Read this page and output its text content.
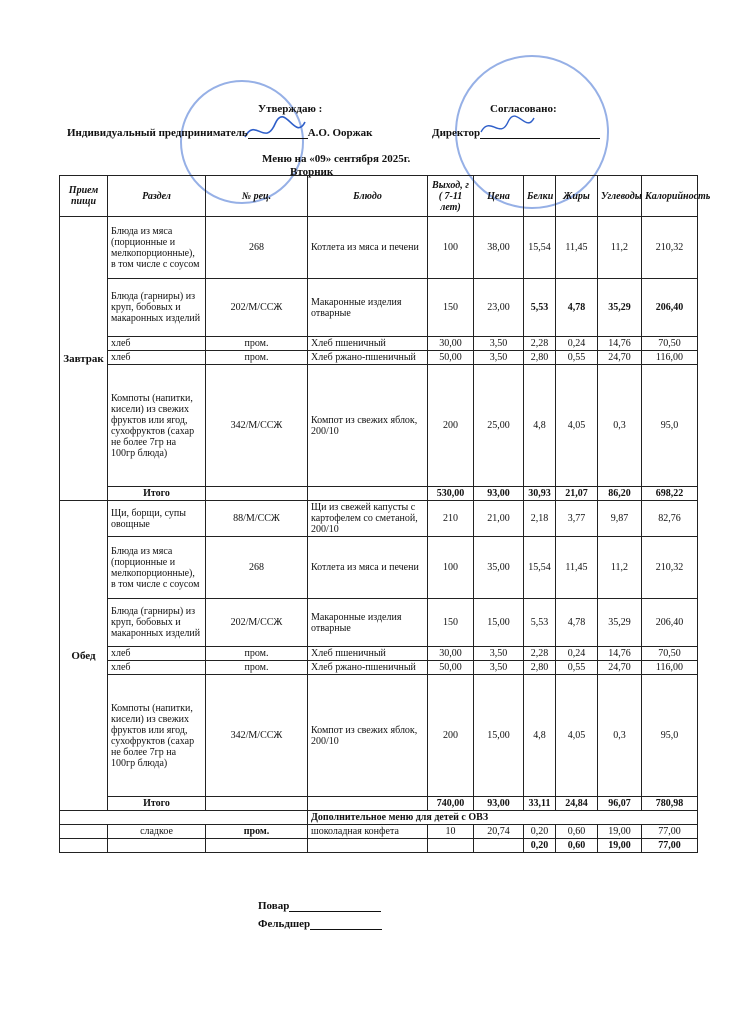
Утверждаю :
Индивидуальный предприниматель	А.О. Ооржак
Согласовано:
Директор
Меню на «09» сентября 2025г.
Вторник
Прием пищи	Раздел	№ рец.	Блюдо	Выход, г ( 7-11 лет)	Цена	Белки	Жиры	Углеводы	Калорийность
Завтрак	Блюда из мяса (порционные и мелкопорционные), в том числе с соусом	268	Котлета из мяса и печени	100	38,00	15,54	11,45	11,2	210,32
	Блюда (гарниры) из круп, бобовых и макаронных изделий	202/М/ССЖ	Макаронные изделия отварные	150	23,00	5,53	4,78	35,29	206,40
	хлеб	пром.	Хлеб пшеничный	30,00	3,50	2,28	0,24	14,76	70,50
	хлеб	пром.	Хлеб ржано-пшеничный	50,00	3,50	2,80	0,55	24,70	116,00
	Компоты (напитки, кисели) из свежих фруктов или ягод, сухофруктов (сахар не более 7гр на 100гр блюда)	342/М/ССЖ	Компот из свежих яблок, 200/10	200	25,00	4,8	4,05	0,3	95,0
	Итого			530,00	93,00	30,93	21,07	86,20	698,22
Обед	Щи, борщи, супы овощные	88/М/ССЖ	Щи из свежей капусты с картофелем со сметаной, 200/10	210	21,00	2,18	3,77	9,87	82,76
	Блюда из мяса (порционные и мелкопорционные), в том числе с соусом	268	Котлета из мяса и печени	100	35,00	15,54	11,45	11,2	210,32
	Блюда (гарниры) из круп, бобовых и макаронных изделий	202/М/ССЖ	Макаронные изделия отварные	150	15,00	5,53	4,78	35,29	206,40
	хлеб	пром.	Хлеб пшеничный	30,00	3,50	2,28	0,24	14,76	70,50
	хлеб	пром.	Хлеб ржано-пшеничный	50,00	3,50	2,80	0,55	24,70	116,00
	Компоты (напитки, кисели) из свежих фруктов или ягод, сухофруктов (сахар не более 7гр на 100гр блюда)	342/М/ССЖ	Компот из свежих яблок, 200/10	200	15,00	4,8	4,05	0,3	95,0
	Итого			740,00	93,00	33,11	24,84	96,07	780,98
			Дополнительное меню для детей с ОВЗ						
	сладкое	пром.	шоколадная конфета	10	20,74	0,20	0,60	19,00	77,00
						0,20	0,60	19,00	77,00
Повар
Фельдшер
